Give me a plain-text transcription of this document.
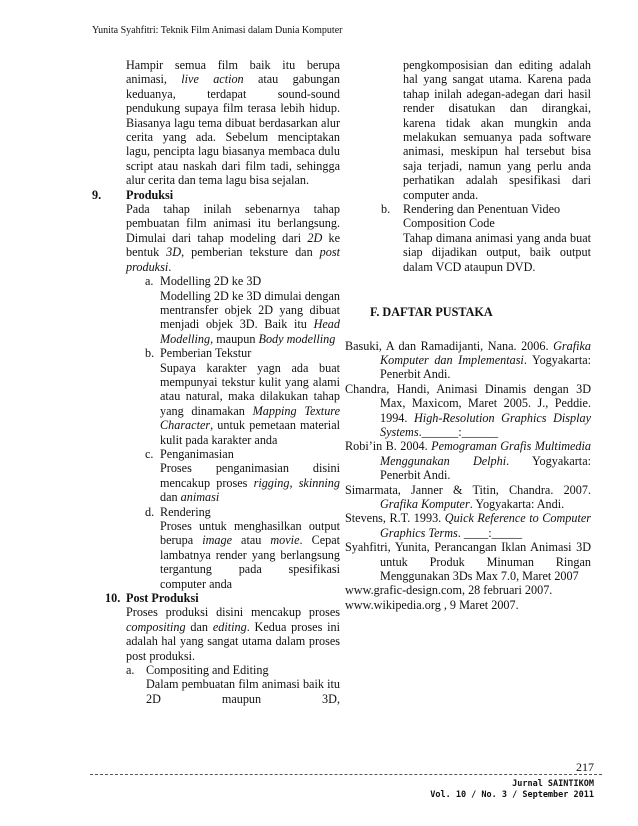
Yunita Syahfitri: Teknik Film Animasi dalam Dunia Komputer

Hampir semua film baik itu berupa animasi, live action atau gabungan keduanya, terdapat sound-sound pendukung supaya film terasa lebih hidup. Biasanya lagu tema dibuat berdasarkan alur cerita yang ada. Sebelum menciptakan lagu, pencipta lagu biasanya membaca dulu script atau naskah dari film tadi, sehingga alur cerita dan tema lagu bisa sejalan.

9. Produksi

Pada tahap inilah sebenarnya tahap pembuatan film animasi itu berlangsung. Dimulai dari tahap modeling dari 2D ke bentuk 3D, pemberian teksture dan post produksi.

a. Modelling 2D ke 3D

Modelling 2D ke 3D dimulai dengan mentransfer objek 2D yang dibuat menjadi objek 3D. Baik itu Head Modelling, maupun Body modelling

b. Pemberian Tekstur

Supaya karakter yagn ada buat mempunyai tekstur kulit yang alami atau natural, maka dilakukan tahap yang dinamakan Mapping Texture Character, untuk pemetaan material kulit pada karakter anda

c. Penganimasian

Proses penganimasian disini mencakup proses rigging, skinning dan animasi

d. Rendering

Proses untuk menghasilkan output berupa image atau movie. Cepat lambatnya render yang berlangsung tergantung pada spesifikasi computer anda

10. Post Produksi

Proses produksi disini mencakup proses compositing dan editing. Kedua proses ini adalah hal yang sangat utama dalam proses post produksi.

a. Compositing and Editing

Dalam pembuatan film animasi baik itu 2D maupun 3D,

pengkomposisian dan editing adalah hal yang sangat utama. Karena pada tahap inilah adegan-adegan dari hasil render disatukan dan dirangkai, karena tidak akan mungkin anda melakukan semuanya pada software animasi, meskipun hal tersebut bisa saja terjadi, namun yang perlu anda perhatikan adalah spesifikasi dari computer anda.

b. Rendering dan Penentuan Video Composition Code

Tahap dimana animasi yang anda buat siap dijadikan output, baik output dalam VCD ataupun DVD.

F. DAFTAR PUSTAKA

Basuki, A dan Ramadijanti, Nana. 2006. Grafika Komputer dan Implementasi. Yogyakarta: Penerbit Andi.

Chandra, Handi, Animasi Dinamis dengan 3D Max, Maxicom, Maret 2005. J., Peddie. 1994. High-Resolution Graphics Display Systems.______:______

Robi’in B. 2004. Pemograman Grafis Multimedia Menggunakan Delphi. Yogyakarta: Penerbit Andi.

Simarmata, Janner & Titin, Chandra. 2007. Grafika Komputer. Yogyakarta: Andi.

Stevens, R.T. 1993. Quick Reference to Computer Graphics Terms. ____:_____

Syahfitri, Yunita, Perancangan Iklan Animasi 3D untuk Produk Minuman Ringan Menggunakan 3Ds Max 7.0, Maret 2007

www.grafic-design.com, 28 februari 2007.

www.wikipedia.org , 9 Maret 2007.

217
Jurnal SAINTIKOM
Vol. 10 / No. 3 / September 2011
